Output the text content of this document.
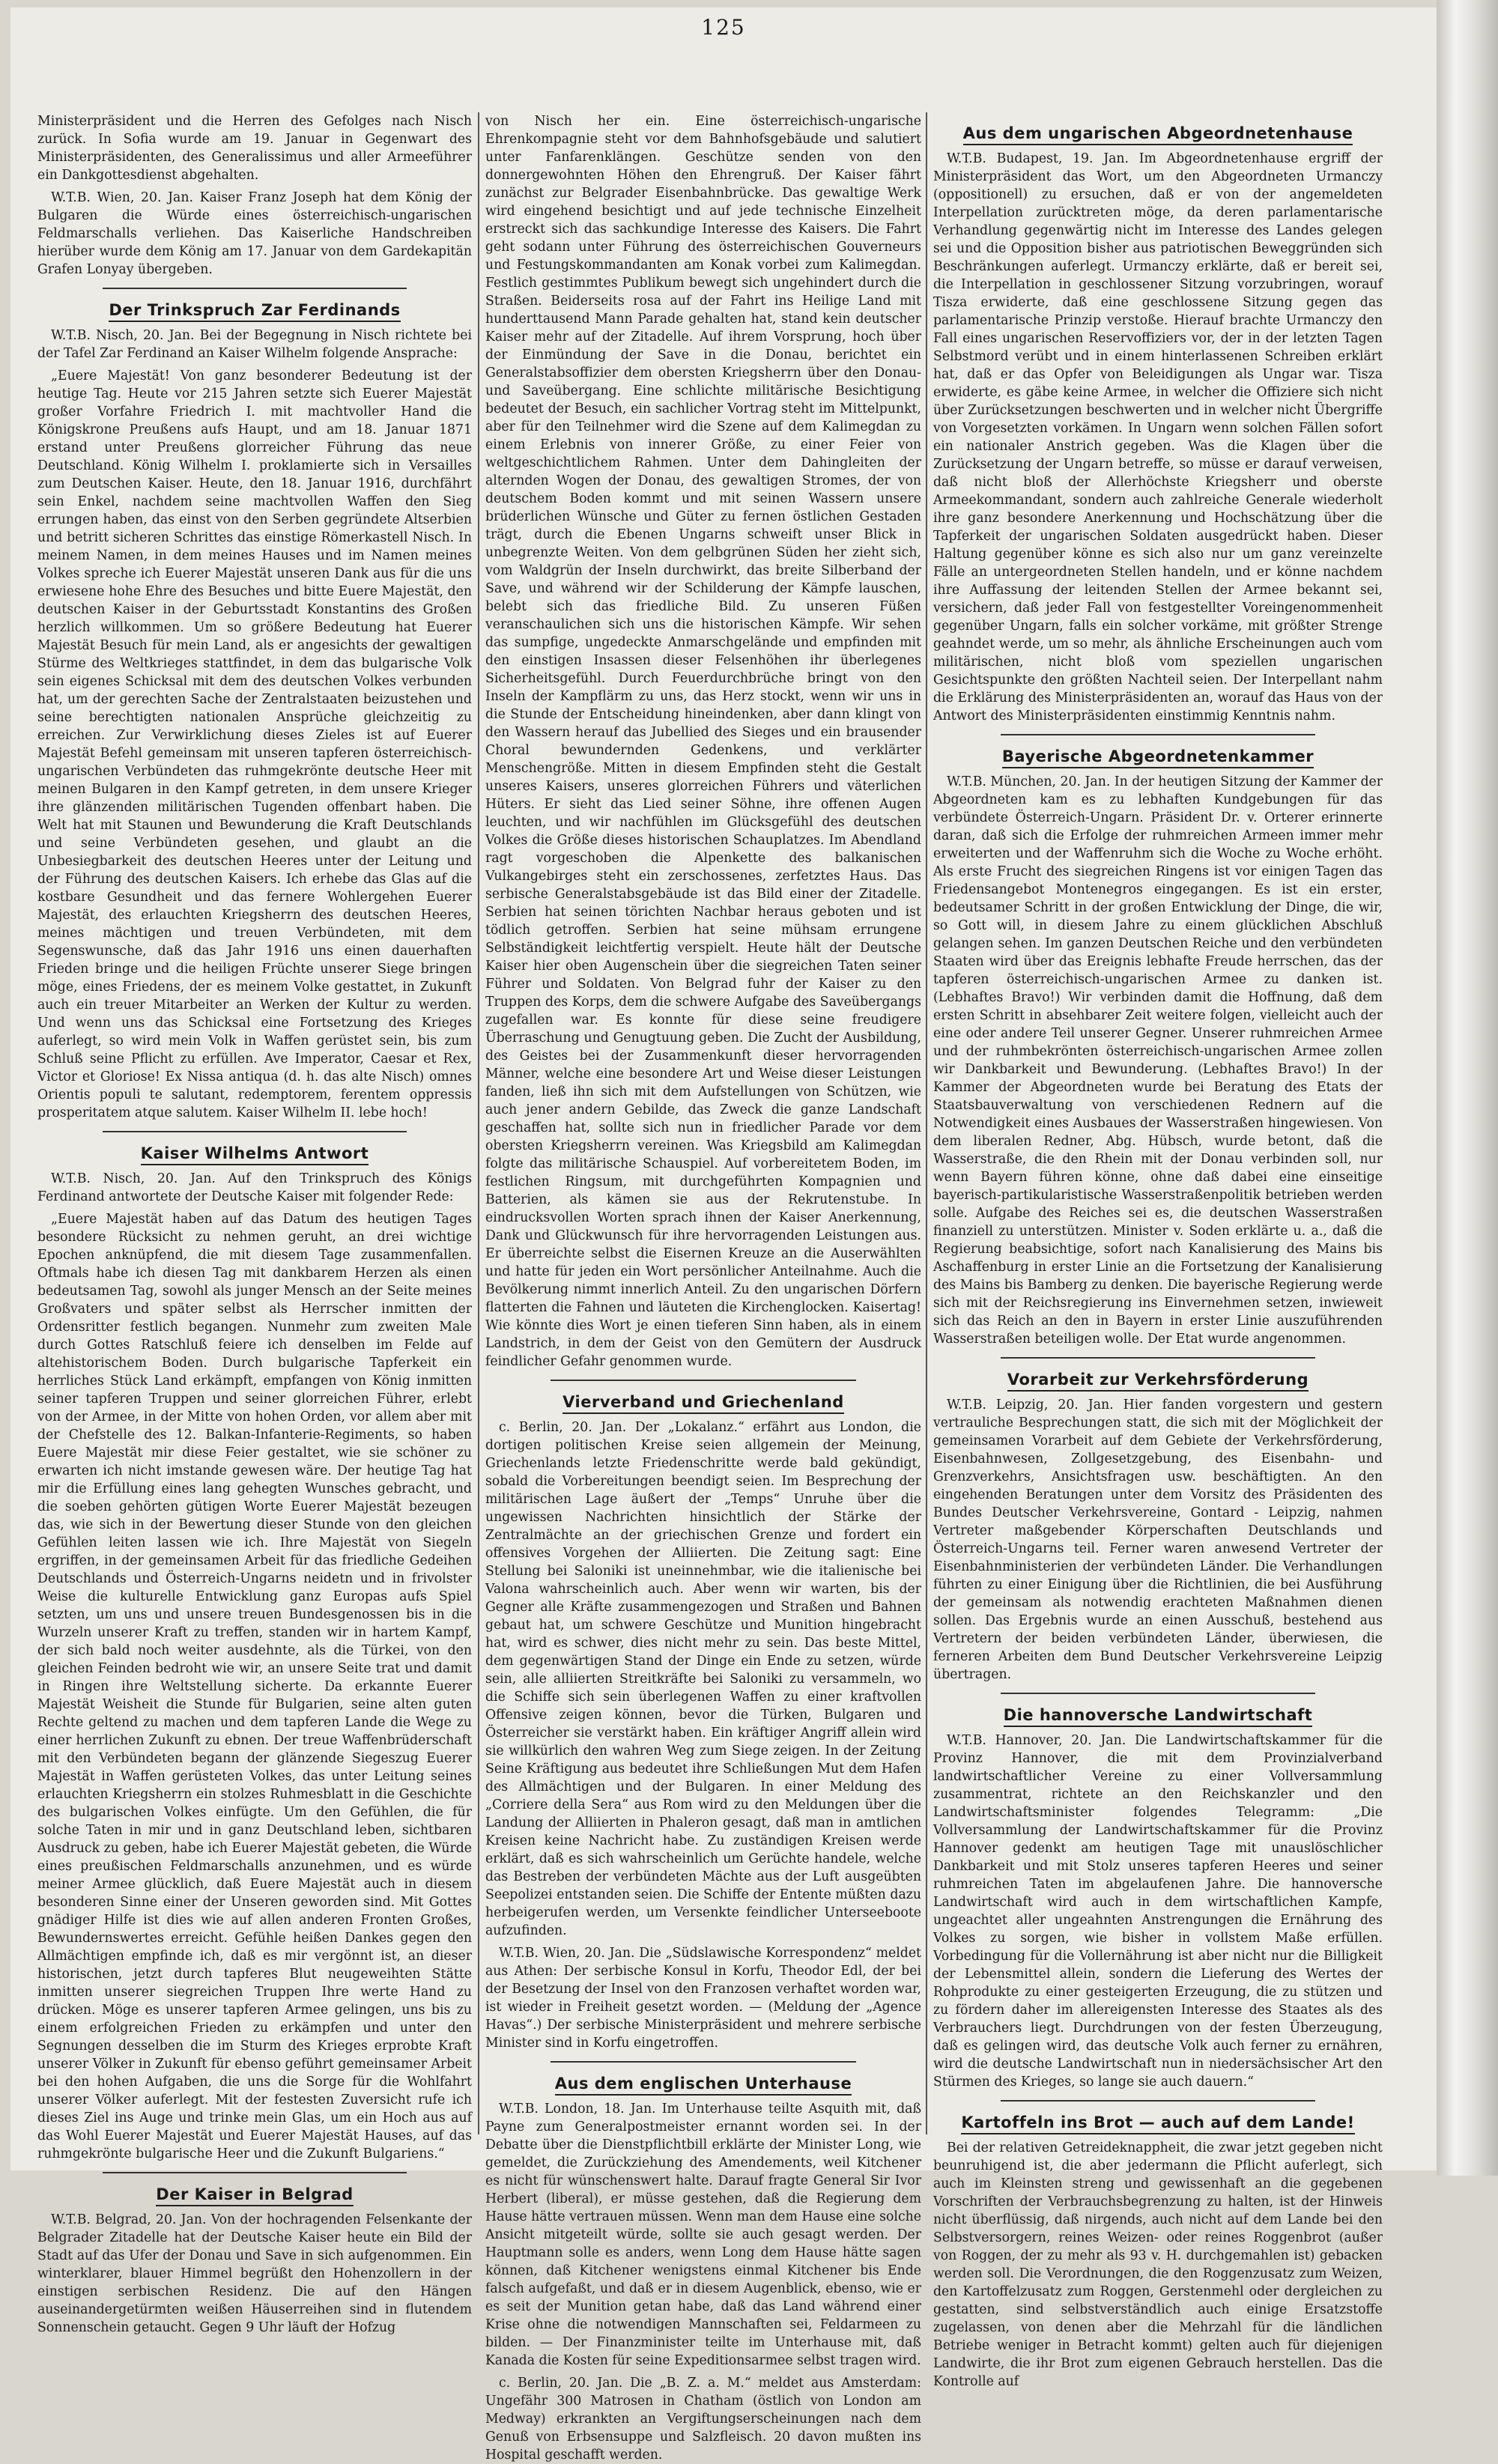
125

Ministerpräsident und die Herren des Gefolges nach Nisch zurück. In Sofia wurde am 19. Januar in Gegenwart des Ministerpräsidenten, des Generalissimus und aller Armeeführer ein Dankgottesdienst abgehalten.

W.T.B. Wien, 20. Jan. Kaiser Franz Joseph hat dem König der Bulgaren die Würde eines österreichisch-ungarischen Feldmarschalls verliehen. Das Kaiserliche Handschreiben hierüber wurde dem König am 17. Januar von dem Gardekapitän Grafen Lonyay übergeben.

Der Trinkspruch Zar Ferdinands

W.T.B. Nisch, 20. Jan. Bei der Begegnung in Nisch richtete bei der Tafel Zar Ferdinand an Kaiser Wilhelm folgende Ansprache:

„Euere Majestät! Von ganz besonderer Bedeutung ist der heutige Tag. Heute vor 215 Jahren setzte sich Euerer Majestät großer Vorfahre Friedrich I. mit machtvoller Hand die Königskrone Preußens aufs Haupt, und am 18. Januar 1871 erstand unter Preußens glorreicher Führung das neue Deutschland. König Wilhelm I. proklamierte sich in Versailles zum Deutschen Kaiser. Heute, den 18. Januar 1916, durchfährt sein Enkel, nachdem seine machtvollen Waffen den Sieg errungen haben, das einst von den Serben gegründete Altserbien und betritt sicheren Schrittes das einstige Römerkastell Nisch. In meinem Namen, in dem meines Hauses und im Namen meines Volkes spreche ich Euerer Majestät unseren Dank aus für die uns erwiesene hohe Ehre des Besuches und bitte Euere Majestät, den deutschen Kaiser in der Geburtsstadt Konstantins des Großen herzlich willkommen. Um so größere Bedeutung hat Euerer Majestät Besuch für mein Land, als er angesichts der gewaltigen Stürme des Weltkrieges stattfindet, in dem das bulgarische Volk sein eigenes Schicksal mit dem des deutschen Volkes verbunden hat, um der gerechten Sache der Zentralstaaten beizustehen und seine berechtigten nationalen Ansprüche gleichzeitig zu erreichen. Zur Verwirklichung dieses Zieles ist auf Euerer Majestät Befehl gemeinsam mit unseren tapferen österreichisch-ungarischen Verbündeten das ruhmgekrönte deutsche Heer mit meinen Bulgaren in den Kampf getreten, in dem unsere Krieger ihre glänzenden militärischen Tugenden offenbart haben. Die Welt hat mit Staunen und Bewunderung die Kraft Deutschlands und seine Verbündeten gesehen, und glaubt an die Unbesiegbarkeit des deutschen Heeres unter der Leitung und der Führung des deutschen Kaisers. Ich erhebe das Glas auf die kostbare Gesundheit und das fernere Wohlergehen Euerer Majestät, des erlauchten Kriegsherrn des deutschen Heeres, meines mächtigen und treuen Verbündeten, mit dem Segenswunsche, daß das Jahr 1916 uns einen dauerhaften Frieden bringe und die heiligen Früchte unserer Siege bringen möge, eines Friedens, der es meinem Volke gestattet, in Zukunft auch ein treuer Mitarbeiter an Werken der Kultur zu werden. Und wenn uns das Schicksal eine Fortsetzung des Krieges auferlegt, so wird mein Volk in Waffen gerüstet sein, bis zum Schluß seine Pflicht zu erfüllen. Ave Imperator, Caesar et Rex, Victor et Gloriose! Ex Nissa antiqua (d. h. das alte Nisch) omnes Orientis populi te salutant, redemptorem, ferentem oppressis prosperitatem atque salutem. Kaiser Wilhelm II. lebe hoch!

Kaiser Wilhelms Antwort

W.T.B. Nisch, 20. Jan. Auf den Trinkspruch des Königs Ferdinand antwortete der Deutsche Kaiser mit folgender Rede:

„Euere Majestät haben auf das Datum des heutigen Tages besondere Rücksicht zu nehmen geruht, an drei wichtige Epochen anknüpfend, die mit diesem Tage zusammenfallen. Oftmals habe ich diesen Tag mit dankbarem Herzen als einen bedeutsamen Tag, sowohl als junger Mensch an der Seite meines Großvaters und später selbst als Herrscher inmitten der Ordensritter festlich begangen. Nunmehr zum zweiten Male durch Gottes Ratschluß feiere ich denselben im Felde auf altehistorischem Boden. Durch bulgarische Tapferkeit ein herrliches Stück Land erkämpft, empfangen von König inmitten seiner tapferen Truppen und seiner glorreichen Führer, erlebt von der Armee, in der Mitte von hohen Orden, vor allem aber mit der Chefstelle des 12. Balkan-Infanterie-Regiments, so haben Euere Majestät mir diese Feier gestaltet, wie sie schöner zu erwarten ich nicht imstande gewesen wäre. Der heutige Tag hat mir die Erfüllung eines lang gehegten Wunsches gebracht, und die soeben gehörten gütigen Worte Euerer Majestät bezeugen das, wie sich in der Bewertung dieser Stunde von den gleichen Gefühlen leiten lassen wie ich. Ihre Majestät von Siegeln ergriffen, in der gemeinsamen Arbeit für das friedliche Gedeihen Deutschlands und Österreich-Ungarns neidetn und in frivolster Weise die kulturelle Entwicklung ganz Europas aufs Spiel setzten, um uns und unsere treuen Bundesgenossen bis in die Wurzeln unserer Kraft zu treffen, standen wir in hartem Kampf, der sich bald noch weiter ausdehnte, als die Türkei, von den gleichen Feinden bedroht wie wir, an unsere Seite trat und damit in Ringen ihre Weltstellung sicherte. Da erkannte Euerer Majestät Weisheit die Stunde für Bulgarien, seine alten guten Rechte geltend zu machen und dem tapferen Lande die Wege zu einer herrlichen Zukunft zu ebnen. Der treue Waffenbrüderschaft mit den Verbündeten begann der glänzende Siegeszug Euerer Majestät in Waffen gerüsteten Volkes, das unter Leitung seines erlauchten Kriegsherrn ein stolzes Ruhmesblatt in die Geschichte des bulgarischen Volkes einfügte. Um den Gefühlen, die für solche Taten in mir und in ganz Deutschland leben, sichtbaren Ausdruck zu geben, habe ich Euerer Majestät gebeten, die Würde eines preußischen Feldmarschalls anzunehmen, und es würde meiner Armee glücklich, daß Euere Majestät auch in diesem besonderen Sinne einer der Unseren geworden sind. Mit Gottes gnädiger Hilfe ist dies wie auf allen anderen Fronten Großes, Bewundernswertes erreicht. Gefühle heißen Dankes gegen den Allmächtigen empfinde ich, daß es mir vergönnt ist, an dieser historischen, jetzt durch tapferes Blut neugeweihten Stätte inmitten unserer siegreichen Truppen Ihre werte Hand zu drücken. Möge es unserer tapferen Armee gelingen, uns bis zu einem erfolgreichen Frieden zu erkämpfen und unter den Segnungen desselben die im Sturm des Krieges erprobte Kraft unserer Völker in Zukunft für ebenso geführt gemeinsamer Arbeit bei den hohen Aufgaben, die uns die Sorge für die Wohlfahrt unserer Völker auferlegt. Mit der festesten Zuversicht rufe ich dieses Ziel ins Auge und trinke mein Glas, um ein Hoch aus auf das Wohl Euerer Majestät und Euerer Majestät Hauses, auf das ruhmgekrönte bulgarische Heer und die Zukunft Bulgariens.“

Der Kaiser in Belgrad

W.T.B. Belgrad, 20. Jan. Von der hochragenden Felsenkante der Belgrader Zitadelle hat der Deutsche Kaiser heute ein Bild der Stadt auf das Ufer der Donau und Save in sich aufgenommen. Ein winterklarer, blauer Himmel begrüßt den Hohenzollern in der einstigen serbischen Residenz. Die auf den Hängen auseinandergetürmten weißen Häuserreihen sind in flutendem Sonnenschein getaucht. Gegen 9 Uhr läuft der Hofzug

von Nisch her ein. Eine österreichisch-ungarische Ehrenkompagnie steht vor dem Bahnhofsgebäude und salutiert unter Fanfarenklängen. Geschütze senden von den donnergewohnten Höhen den Ehrengruß. Der Kaiser fährt zunächst zur Belgrader Eisenbahnbrücke. Das gewaltige Werk wird eingehend besichtigt und auf jede technische Einzelheit erstreckt sich das sachkundige Interesse des Kaisers. Die Fahrt geht sodann unter Führung des österreichischen Gouverneurs und Festungskommandanten am Konak vorbei zum Kalimegdan. Festlich gestimmtes Publikum bewegt sich ungehindert durch die Straßen. Beiderseits rosa auf der Fahrt ins Heilige Land mit hunderttausend Mann Parade gehalten hat, stand kein deutscher Kaiser mehr auf der Zitadelle. Auf ihrem Vorsprung, hoch über der Einmündung der Save in die Donau, berichtet ein Generalstabsoffizier dem obersten Kriegsherrn über den Donau- und Saveübergang. Eine schlichte militärische Besichtigung bedeutet der Besuch, ein sachlicher Vortrag steht im Mittelpunkt, aber für den Teilnehmer wird die Szene auf dem Kalimegdan zu einem Erlebnis von innerer Größe, zu einer Feier von weltgeschichtlichem Rahmen. Unter dem Dahingleiten der alternden Wogen der Donau, des gewaltigen Stromes, der von deutschem Boden kommt und mit seinen Wassern unsere brüderlichen Wünsche und Güter zu fernen östlichen Gestaden trägt, durch die Ebenen Ungarns schweift unser Blick in unbegrenzte Weiten. Von dem gelbgrünen Süden her zieht sich, vom Waldgrün der Inseln durchwirkt, das breite Silberband der Save, und während wir der Schilderung der Kämpfe lauschen, belebt sich das friedliche Bild. Zu unseren Füßen veranschaulichen sich uns die historischen Kämpfe. Wir sehen das sumpfige, ungedeckte Anmarschgelände und empfinden mit den einstigen Insassen dieser Felsenhöhen ihr überlegenes Sicherheitsgefühl. Durch Feuerdurchbrüche bringt von den Inseln der Kampflärm zu uns, das Herz stockt, wenn wir uns in die Stunde der Entscheidung hineindenken, aber dann klingt von den Wassern herauf das Jubellied des Sieges und ein brausender Choral bewundernden Gedenkens, und verklärter Menschengröße. Mitten in diesem Empfinden steht die Gestalt unseres Kaisers, unseres glorreichen Führers und väterlichen Hüters. Er sieht das Lied seiner Söhne, ihre offenen Augen leuchten, und wir nachfühlen im Glücksgefühl des deutschen Volkes die Größe dieses historischen Schauplatzes. Im Abendland ragt vorgeschoben die Alpenkette des balkanischen Vulkangebirges steht ein zerschossenes, zerfetztes Haus. Das serbische Generalstabsgebäude ist das Bild einer der Zitadelle. Serbien hat seinen törichten Nachbar heraus geboten und ist tödlich getroffen. Serbien hat seine mühsam errungene Selbständigkeit leichtfertig verspielt. Heute hält der Deutsche Kaiser hier oben Augenschein über die siegreichen Taten seiner Führer und Soldaten. Von Belgrad fuhr der Kaiser zu den Truppen des Korps, dem die schwere Aufgabe des Saveübergangs zugefallen war. Es konnte für diese seine freudigere Überraschung und Genugtuung geben. Die Zucht der Ausbildung, des Geistes bei der Zusammenkunft dieser hervorragenden Männer, welche eine besondere Art und Weise dieser Leistungen fanden, ließ ihn sich mit dem Aufstellungen von Schützen, wie auch jener andern Gebilde, das Zweck die ganze Landschaft geschaffen hat, sollte sich nun in friedlicher Parade vor dem obersten Kriegsherrn vereinen. Was Kriegsbild am Kalimegdan folgte das militärische Schauspiel. Auf vorbereitetem Boden, im festlichen Ringsum, mit durchgeführten Kompagnien und Batterien, als kämen sie aus der Rekrutenstube. In eindrucksvollen Worten sprach ihnen der Kaiser Anerkennung, Dank und Glückwunsch für ihre hervorragenden Leistungen aus. Er überreichte selbst die Eisernen Kreuze an die Auserwählten und hatte für jeden ein Wort persönlicher Anteilnahme. Auch die Bevölkerung nimmt innerlich Anteil. Zu den ungarischen Dörfern flatterten die Fahnen und läuteten die Kirchenglocken. Kaisertag! Wie könnte dies Wort je einen tieferen Sinn haben, als in einem Landstrich, in dem der Geist von den Gemütern der Ausdruck feindlicher Gefahr genommen wurde.

Vierverband und Griechenland

c. Berlin, 20. Jan. Der „Lokalanz.“ erfährt aus London, die dortigen politischen Kreise seien allgemein der Meinung, Griechenlands letzte Friedenschritte werde bald gekündigt, sobald die Vorbereitungen beendigt seien. Im Besprechung der militärischen Lage äußert der „Temps“ Unruhe über die ungewissen Nachrichten hinsichtlich der Stärke der Zentralmächte an der griechischen Grenze und fordert ein offensives Vorgehen der Alliierten. Die Zeitung sagt: Eine Stellung bei Saloniki ist uneinnehmbar, wie die italienische bei Valona wahrscheinlich auch. Aber wenn wir warten, bis der Gegner alle Kräfte zusammengezogen und Straßen und Bahnen gebaut hat, um schwere Geschütze und Munition hingebracht hat, wird es schwer, dies nicht mehr zu sein. Das beste Mittel, dem gegenwärtigen Stand der Dinge ein Ende zu setzen, würde sein, alle alliierten Streitkräfte bei Saloniki zu versammeln, wo die Schiffe sich sein überlegenen Waffen zu einer kraftvollen Offensive zeigen können, bevor die Türken, Bulgaren und Österreicher sie verstärkt haben. Ein kräftiger Angriff allein wird sie willkürlich den wahren Weg zum Siege zeigen. In der Zeitung Seine Kräftigung aus bedeutet ihre Schließungen Mut dem Hafen des Allmächtigen und der Bulgaren. In einer Meldung des „Corriere della Sera“ aus Rom wird zu den Meldungen über die Landung der Alliierten in Phaleron gesagt, daß man in amtlichen Kreisen keine Nachricht habe. Zu zuständigen Kreisen werde erklärt, daß es sich wahrscheinlich um Gerüchte handele, welche das Bestreben der verbündeten Mächte aus der Luft ausgeübten Seepolizei entstanden seien. Die Schiffe der Entente müßten dazu herbeigerufen werden, um Versenkte feindlicher Unterseeboote aufzufinden.

W.T.B. Wien, 20. Jan. Die „Südslawische Korrespondenz“ meldet aus Athen: Der serbische Konsul in Korfu, Theodor Edl, der bei der Besetzung der Insel von den Franzosen verhaftet worden war, ist wieder in Freiheit gesetzt worden. — (Meldung der „Agence Havas“.) Der serbische Ministerpräsident und mehrere serbische Minister sind in Korfu eingetroffen.

Aus dem englischen Unterhause

W.T.B. London, 18. Jan. Im Unterhause teilte Asquith mit, daß Payne zum Generalpostmeister ernannt worden sei. In der Debatte über die Dienstpflichtbill erklärte der Minister Long, wie gemeldet, die Zurückziehung des Amendements, weil Kitchener es nicht für wünschenswert halte. Darauf fragte General Sir Ivor Herbert (liberal), er müsse gestehen, daß die Regierung dem Hause hätte vertrauen müssen. Wenn man dem Hause eine solche Ansicht mitgeteilt würde, sollte sie auch gesagt werden. Der Hauptmann solle es anders, wenn Long dem Hause hätte sagen können, daß Kitchener wenigstens einmal Kitchener bis Ende falsch aufgefaßt, und daß er in diesem Augenblick, ebenso, wie er es seit der Munition getan habe, daß das Land während einer Krise ohne die notwendigen Mannschaften sei, Feldarmeen zu bilden. — Der Finanzminister teilte im Unterhause mit, daß Kanada die Kosten für seine Expeditionsarmee selbst tragen wird.

c. Berlin, 20. Jan. Die „B. Z. a. M.“ meldet aus Amsterdam: Ungefähr 300 Matrosen in Chatham (östlich von London am Medway) erkrankten an Vergiftungserscheinungen nach dem Genuß von Erbsensuppe und Salzfleisch. 20 davon mußten ins Hospital geschafft werden.

Aus dem ungarischen Abgeordnetenhause

W.T.B. Budapest, 19. Jan. Im Abgeordnetenhause ergriff der Ministerpräsident das Wort, um den Abgeordneten Urmanczy (oppositionell) zu ersuchen, daß er von der angemeldeten Interpellation zurücktreten möge, da deren parlamentarische Verhandlung gegenwärtig nicht im Interesse des Landes gelegen sei und die Opposition bisher aus patriotischen Beweggründen sich Beschränkungen auferlegt. Urmanczy erklärte, daß er bereit sei, die Interpellation in geschlossener Sitzung vorzubringen, worauf Tisza erwiderte, daß eine geschlossene Sitzung gegen das parlamentarische Prinzip verstoße. Hierauf brachte Urmanczy den Fall eines ungarischen Reservoffiziers vor, der in der letzten Tagen Selbstmord verübt und in einem hinterlassenen Schreiben erklärt hat, daß er das Opfer von Beleidigungen als Ungar war. Tisza erwiderte, es gäbe keine Armee, in welcher die Offiziere sich nicht über Zurücksetzungen beschwerten und in welcher nicht Übergriffe von Vorgesetzten vorkämen. In Ungarn wenn solchen Fällen sofort ein nationaler Anstrich gegeben. Was die Klagen über die Zurücksetzung der Ungarn betreffe, so müsse er darauf verweisen, daß nicht bloß der Allerhöchste Kriegsherr und oberste Armeekommandant, sondern auch zahlreiche Generale wiederholt ihre ganz besondere Anerkennung und Hochschätzung über die Tapferkeit der ungarischen Soldaten ausgedrückt haben. Dieser Haltung gegenüber könne es sich also nur um ganz vereinzelte Fälle an untergeordneten Stellen handeln, und er könne nachdem ihre Auffassung der leitenden Stellen der Armee bekannt sei, versichern, daß jeder Fall von festgestellter Voreingenommenheit gegenüber Ungarn, falls ein solcher vorkäme, mit größter Strenge geahndet werde, um so mehr, als ähnliche Erscheinungen auch vom militärischen, nicht bloß vom speziellen ungarischen Gesichtspunkte den größten Nachteil seien. Der Interpellant nahm die Erklärung des Ministerpräsidenten an, worauf das Haus von der Antwort des Ministerpräsidenten einstimmig Kenntnis nahm.

Bayerische Abgeordnetenkammer

W.T.B. München, 20. Jan. In der heutigen Sitzung der Kammer der Abgeordneten kam es zu lebhaften Kundgebungen für das verbündete Österreich-Ungarn. Präsident Dr. v. Orterer erinnerte daran, daß sich die Erfolge der ruhmreichen Armeen immer mehr erweiterten und der Waffenruhm sich die Woche zu Woche erhöht. Als erste Frucht des siegreichen Ringens ist vor einigen Tagen das Friedensangebot Montenegros eingegangen. Es ist ein erster, bedeutsamer Schritt in der großen Entwicklung der Dinge, die wir, so Gott will, in diesem Jahre zu einem glücklichen Abschluß gelangen sehen. Im ganzen Deutschen Reiche und den verbündeten Staaten wird über das Ereignis lebhafte Freude herrschen, das der tapferen österreichisch-ungarischen Armee zu danken ist. (Lebhaftes Bravo!) Wir verbinden damit die Hoffnung, daß dem ersten Schritt in absehbarer Zeit weitere folgen, vielleicht auch der eine oder andere Teil unserer Gegner. Unserer ruhmreichen Armee und der ruhmbekrönten österreichisch-ungarischen Armee zollen wir Dankbarkeit und Bewunderung. (Lebhaftes Bravo!) In der Kammer der Abgeordneten wurde bei Beratung des Etats der Staatsbauverwaltung von verschiedenen Rednern auf die Notwendigkeit eines Ausbaues der Wasserstraßen hingewiesen. Von dem liberalen Redner, Abg. Hübsch, wurde betont, daß die Wasserstraße, die den Rhein mit der Donau verbinden soll, nur wenn Bayern führen könne, ohne daß dabei eine einseitige bayerisch-partikularistische Wasserstraßenpolitik betrieben werden solle. Aufgabe des Reiches sei es, die deutschen Wasserstraßen finanziell zu unterstützen. Minister v. Soden erklärte u. a., daß die Regierung beabsichtige, sofort nach Kanalisierung des Mains bis Aschaffenburg in erster Linie an die Fortsetzung der Kanalisierung des Mains bis Bamberg zu denken. Die bayerische Regierung werde sich mit der Reichsregierung ins Einvernehmen setzen, inwieweit sich das Reich an den in Bayern in erster Linie auszuführenden Wasserstraßen beteiligen wolle. Der Etat wurde angenommen.

Vorarbeit zur Verkehrsförderung

W.T.B. Leipzig, 20. Jan. Hier fanden vorgestern und gestern vertrauliche Besprechungen statt, die sich mit der Möglichkeit der gemeinsamen Vorarbeit auf dem Gebiete der Verkehrsförderung, Eisenbahnwesen, Zollgesetzgebung, des Eisenbahn- und Grenzverkehrs, Ansichtsfragen usw. beschäftigten. An den eingehenden Beratungen unter dem Vorsitz des Präsidenten des Bundes Deutscher Verkehrsvereine, Gontard - Leipzig, nahmen Vertreter maßgebender Körperschaften Deutschlands und Österreich-Ungarns teil. Ferner waren anwesend Vertreter der Eisenbahnministerien der verbündeten Länder. Die Verhandlungen führten zu einer Einigung über die Richtlinien, die bei Ausführung der gemeinsam als notwendig erachteten Maßnahmen dienen sollen. Das Ergebnis wurde an einen Ausschuß, bestehend aus Vertretern der beiden verbündeten Länder, überwiesen, die ferneren Arbeiten dem Bund Deutscher Verkehrsvereine Leipzig übertragen.

Die hannoversche Landwirtschaft

W.T.B. Hannover, 20. Jan. Die Landwirtschaftskammer für die Provinz Hannover, die mit dem Provinzialverband landwirtschaftlicher Vereine zu einer Vollversammlung zusammentrat, richtete an den Reichskanzler und den Landwirtschaftsminister folgendes Telegramm: „Die Vollversammlung der Landwirtschaftskammer für die Provinz Hannover gedenkt am heutigen Tage mit unauslöschlicher Dankbarkeit und mit Stolz unseres tapferen Heeres und seiner ruhmreichen Taten im abgelaufenen Jahre. Die hannoversche Landwirtschaft wird auch in dem wirtschaftlichen Kampfe, ungeachtet aller ungeahnten Anstrengungen die Ernährung des Volkes zu sorgen, wie bisher in vollstem Maße erfüllen. Vorbedingung für die Vollernährung ist aber nicht nur die Billigkeit der Lebensmittel allein, sondern die Lieferung des Wertes der Rohprodukte zu einer gesteigerten Erzeugung, die zu stützen und zu fördern daher im allereigensten Interesse des Staates als des Verbrauchers liegt. Durchdrungen von der festen Überzeugung, daß es gelingen wird, das deutsche Volk auch ferner zu ernähren, wird die deutsche Landwirtschaft nun in niedersächsischer Art den Stürmen des Krieges, so lange sie auch dauern.“

Kartoffeln ins Brot — auch auf dem Lande!

Bei der relativen Getreideknappheit, die zwar jetzt gegeben nicht beunruhigend ist, die aber jedermann die Pflicht auferlegt, sich auch im Kleinsten streng und gewissenhaft an die gegebenen Vorschriften der Verbrauchsbegrenzung zu halten, ist der Hinweis nicht überflüssig, daß nirgends, auch nicht auf dem Lande bei den Selbstversorgern, reines Weizen- oder reines Roggenbrot (außer von Roggen, der zu mehr als 93 v. H. durchgemahlen ist) gebacken werden soll. Die Verordnungen, die den Roggenzusatz zum Weizen, den Kartoffelzusatz zum Roggen, Gerstenmehl oder dergleichen zu gestatten, sind selbstverständlich auch einige Ersatzstoffe zugelassen, von denen aber die Mehrzahl für die ländlichen Betriebe weniger in Betracht kommt) gelten auch für diejenigen Landwirte, die ihr Brot zum eigenen Gebrauch herstellen. Das die Kontrolle auf
